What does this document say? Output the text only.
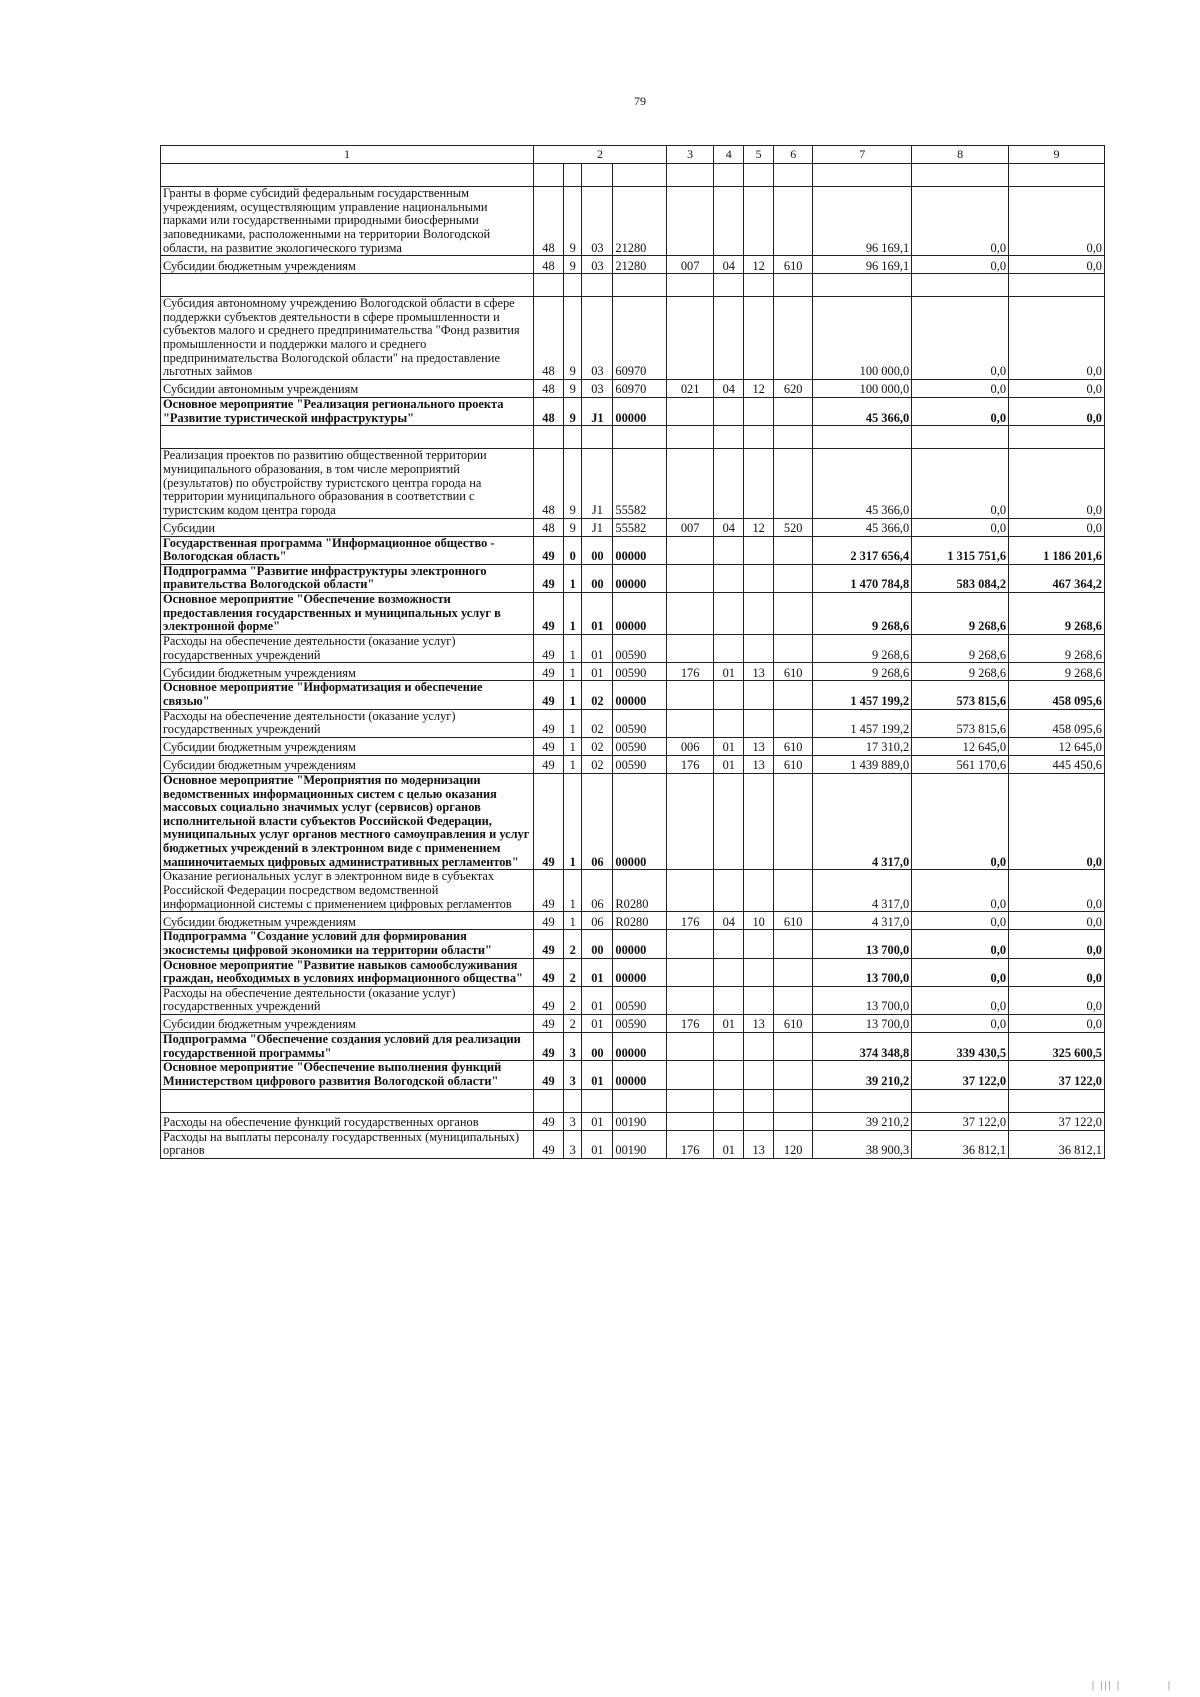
79
1	2				3	4	5	6	7	8	9

Гранты в форме субсидий федеральным государственным учреждениям, осуществляющим управление национальными парками или государственными природными биосферными заповедниками, расположенными на территории Вологодской области, на развитие экологического туризма	48	9	03	21280					96 169,1	0,0	0,0
Субсидии бюджетным учреждениям	48	9	03	21280	007	04	12	610	96 169,1	0,0	0,0

Субсидия автономному учреждению Вологодской области в сфере поддержки субъектов деятельности в сфере промышленности и субъектов малого и среднего предпринимательства "Фонд развития промышленности и поддержки малого и среднего предпринимательства Вологодской области" на предоставление льготных займов	48	9	03	60970					100 000,0	0,0	0,0
Субсидии автономным учреждениям	48	9	03	60970	021	04	12	620	100 000,0	0,0	0,0
Основное мероприятие "Реализация регионального проекта "Развитие туристической инфраструктуры"	48	9	J1	00000					45 366,0	0,0	0,0

Реализация проектов по развитию общественной территории муниципального образования, в том числе мероприятий (результатов) по обустройству туристского центра города на территории муниципального образования в соответствии с туристским кодом центра города	48	9	J1	55582					45 366,0	0,0	0,0
Субсидии	48	9	J1	55582	007	04	12	520	45 366,0	0,0	0,0
Государственная программа "Информационное общество - Вологодская область"	49	0	00	00000					2 317 656,4	1 315 751,6	1 186 201,6
Подпрограмма "Развитие инфраструктуры электронного правительства Вологодской области"	49	1	00	00000					1 470 784,8	583 084,2	467 364,2
Основное мероприятие "Обеспечение возможности предоставления государственных и муниципальных услуг в электронной форме"	49	1	01	00000					9 268,6	9 268,6	9 268,6
Расходы на обеспечение деятельности (оказание услуг) государственных учреждений	49	1	01	00590					9 268,6	9 268,6	9 268,6
Субсидии бюджетным учреждениям	49	1	01	00590	176	01	13	610	9 268,6	9 268,6	9 268,6
Основное мероприятие "Информатизация и обеспечение связью"	49	1	02	00000					1 457 199,2	573 815,6	458 095,6
Расходы на обеспечение деятельности (оказание услуг) государственных учреждений	49	1	02	00590					1 457 199,2	573 815,6	458 095,6
Субсидии бюджетным учреждениям	49	1	02	00590	006	01	13	610	17 310,2	12 645,0	12 645,0
Субсидии бюджетным учреждениям	49	1	02	00590	176	01	13	610	1 439 889,0	561 170,6	445 450,6
Основное мероприятие "Мероприятия по модернизации ведомственных информационных систем с целью оказания массовых социально значимых услуг (сервисов) органов исполнительной власти субъектов Российской Федерации, муниципальных услуг органов местного самоуправления и услуг бюджетных учреждений в электронном виде с применением машиночитаемых цифровых административных регламентов"	49	1	06	00000					4 317,0	0,0	0,0
Оказание региональных услуг в электронном виде в субъектах Российской Федерации посредством ведомственной информационной системы с применением цифровых регламентов	49	1	06	R0280					4 317,0	0,0	0,0
Субсидии бюджетным учреждениям	49	1	06	R0280	176	04	10	610	4 317,0	0,0	0,0
Подпрограмма "Создание условий для формирования экосистемы цифровой экономики на территории области"	49	2	00	00000					13 700,0	0,0	0,0
Основное мероприятие "Развитие навыков самообслуживания граждан, необходимых в условиях информационного общества"	49	2	01	00000					13 700,0	0,0	0,0
Расходы на обеспечение деятельности (оказание услуг) государственных учреждений	49	2	01	00590					13 700,0	0,0	0,0
Субсидии бюджетным учреждениям	49	2	01	00590	176	01	13	610	13 700,0	0,0	0,0
Подпрограмма "Обеспечение создания условий для реализации государственной программы"	49	3	00	00000					374 348,8	339 430,5	325 600,5
Основное мероприятие "Обеспечение выполнения функций Министерством цифрового развития Вологодской области"	49	3	01	00000					39 210,2	37 122,0	37 122,0

Расходы на обеспечение функций государственных органов	49	3	01	00190					39 210,2	37 122,0	37 122,0
Расходы на выплаты персоналу государственных (муниципальных) органов	49	3	01	00190	176	01	13	120	38 900,3	36 812,1	36 812,1
| ||| |	|
